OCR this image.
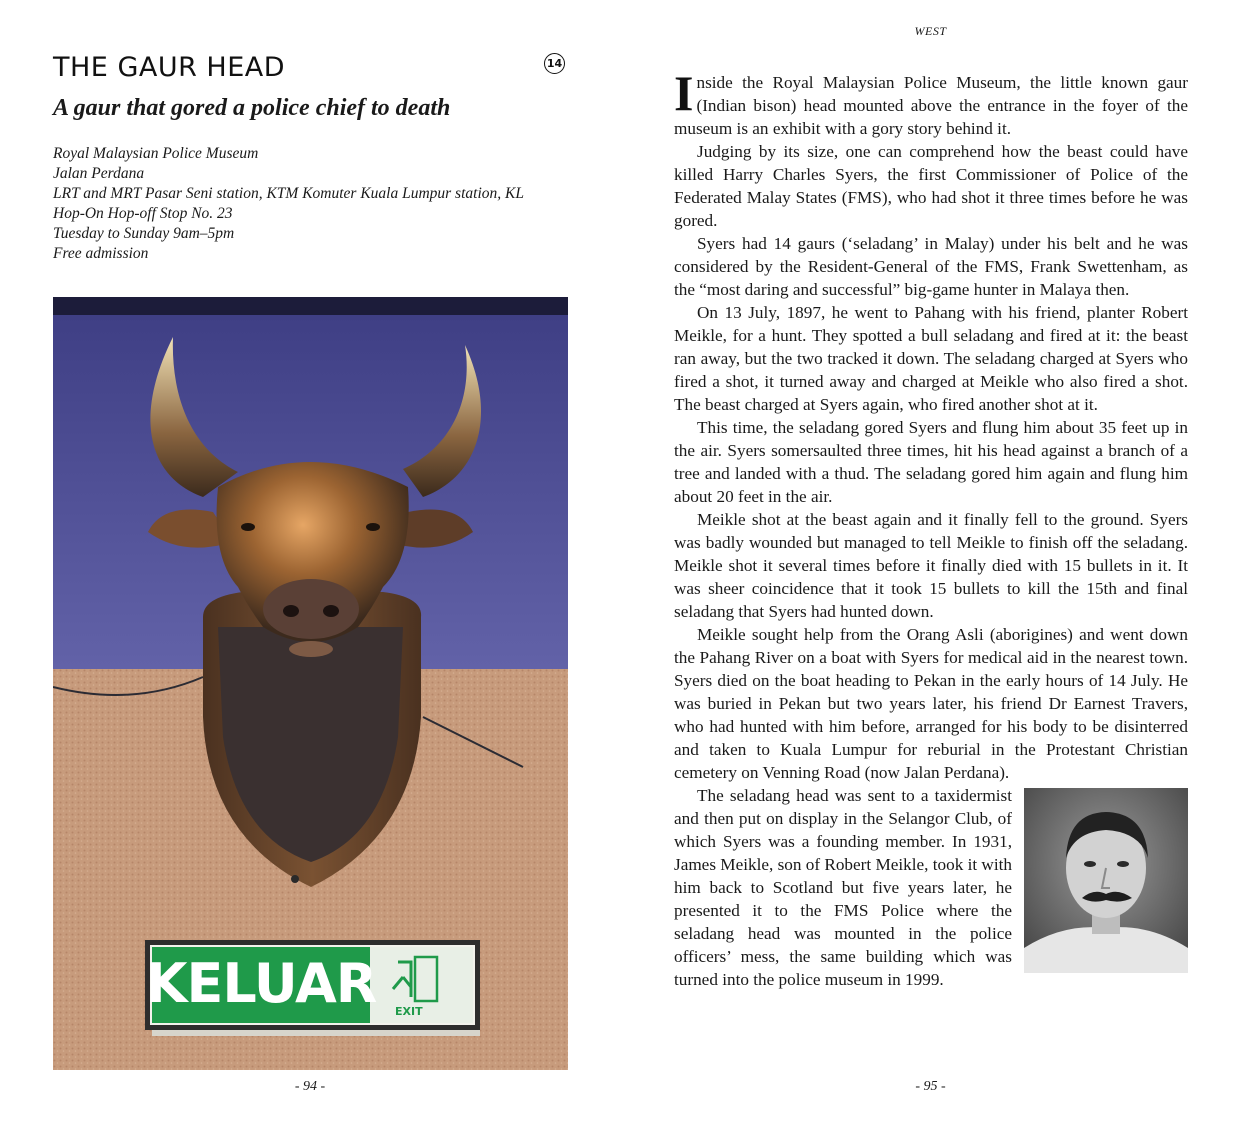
THE GAUR HEAD	14
A gaur that gored a police chief to death
Royal Malaysian Police Museum
Jalan Perdana
LRT and MRT Pasar Seni station, KTM Komuter Kuala Lumpur station, KL
Hop-On Hop-off Stop No. 23
Tuesday to Sunday 9am–5pm
Free admission
KELUAR EXIT
- 94 -
WEST

Inside the Royal Malaysian Police Museum, the little known gaur (Indian bison) head mounted above the entrance in the foyer of the museum is an exhibit with a gory story behind it.

Judging by its size, one can comprehend how the beast could have killed Harry Charles Syers, the first Commissioner of Police of the Federated Malay States (FMS), who had shot it three times before he was gored.

Syers had 14 gaurs (‘seladang’ in Malay) under his belt and he was considered by the Resident-General of the FMS, Frank Swettenham, as the “most daring and successful” big-game hunter in Malaya then.

On 13 July, 1897, he went to Pahang with his friend, planter Robert Meikle, for a hunt. They spotted a bull seladang and fired at it: the beast ran away, but the two tracked it down. The seladang charged at Syers who fired a shot, it turned away and charged at Meikle who also fired a shot. The beast charged at Syers again, who fired another shot at it.

This time, the seladang gored Syers and flung him about 35 feet up in the air. Syers somersaulted three times, hit his head against a branch of a tree and landed with a thud. The seladang gored him again and flung him about 20 feet in the air.

Meikle shot at the beast again and it finally fell to the ground. Syers was badly wounded but managed to tell Meikle to finish off the seladang. Meikle shot it several times before it finally died with 15 bullets in it. It was sheer coincidence that it took 15 bullets to kill the 15th and final seladang that Syers had hunted down.

Meikle sought help from the Orang Asli (aborigines) and went down the Pahang River on a boat with Syers for medical aid in the nearest town. Syers died on the boat heading to Pekan in the early hours of 14 July. He was buried in Pekan but two years later, his friend Dr Earnest Travers, who had hunted with him before, arranged for his body to be disinterred and taken to Kuala Lumpur for reburial in the Protestant Christian cemetery on Venning Road (now Jalan Perdana).

The seladang head was sent to a taxidermist and then put on display in the Selangor Club, of which Syers was a founding member. In 1931, James Meikle, son of Robert Meikle, took it with him back to Scotland but five years later, he presented it to the FMS Police where the seladang head was mounted in the police officers’ mess, the same building which was turned into the police museum in 1999.

- 95 -
